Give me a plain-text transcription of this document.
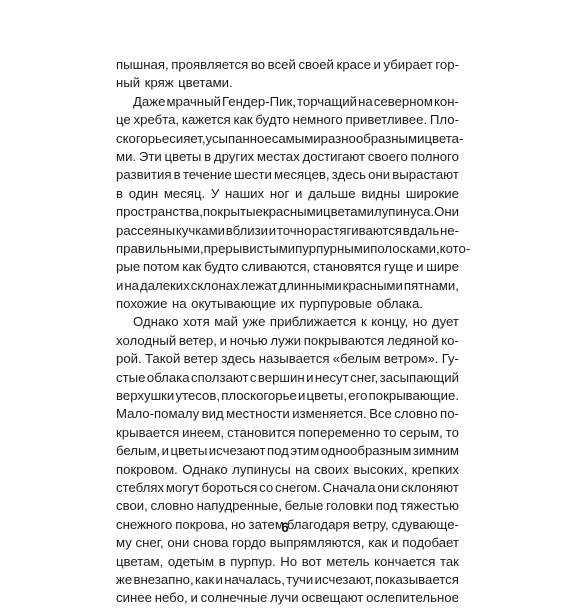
пышная, проявляется во всей своей красе и убирает гор-
ный кряж цветами.
Даже мрачный Гендер-Пик, торчащий на северном кон-
це хребта, кажется как будто немного приветливее. Пло-
скогорье сияет, усыпанное самыми разнообразными цвета-
ми. Эти цветы в других местах достигают своего полного
развития в течение шести месяцев, здесь они вырастают
в один месяц. У наших ног и дальше видны широкие
пространства, покрытые красными цветами лупинуса. Они
рассеяны кучками вблизи и точно растягиваются вдаль не-
правильными, прерывистыми пурпурными полосками, кото-
рые потом как будто сливаются, становятся гуще и шире
и на далеких склонах лежат длинными красными пятнами,
похожие на окутывающие их пурпуровые облака.
Однако хотя май уже приближается к концу, но дует
холодный ветер, и ночью лужи покрываются ледяной ко-
рой. Такой ветер здесь называется «белым ветром». Гу-
стые облака сползают с вершин и несут снег, засыпающий
верхушки утесов, плоскогорье и цветы, его покрывающие.
Мало-помалу вид местности изменяется. Все словно по-
крывается инеем, становится попеременно то серым, то
белым, и цветы исчезают под этим однообразным зимним
покровом. Однако лупинусы на своих высоких, крепких
стеблях могут бороться со снегом. Сначала они склоняют
свои, словно напудренные, белые головки под тяжестью
снежного покрова, но затем благодаря ветру, сдувающе-
му снег, они снова гордо выпрямляются, как и подобает
цветам, одетым в пурпур. Но вот метель кончается так
же внезапно, как и началась, тучи исчезают, показывается
синее небо, и солнечные лучи освещают ослепительное
6
